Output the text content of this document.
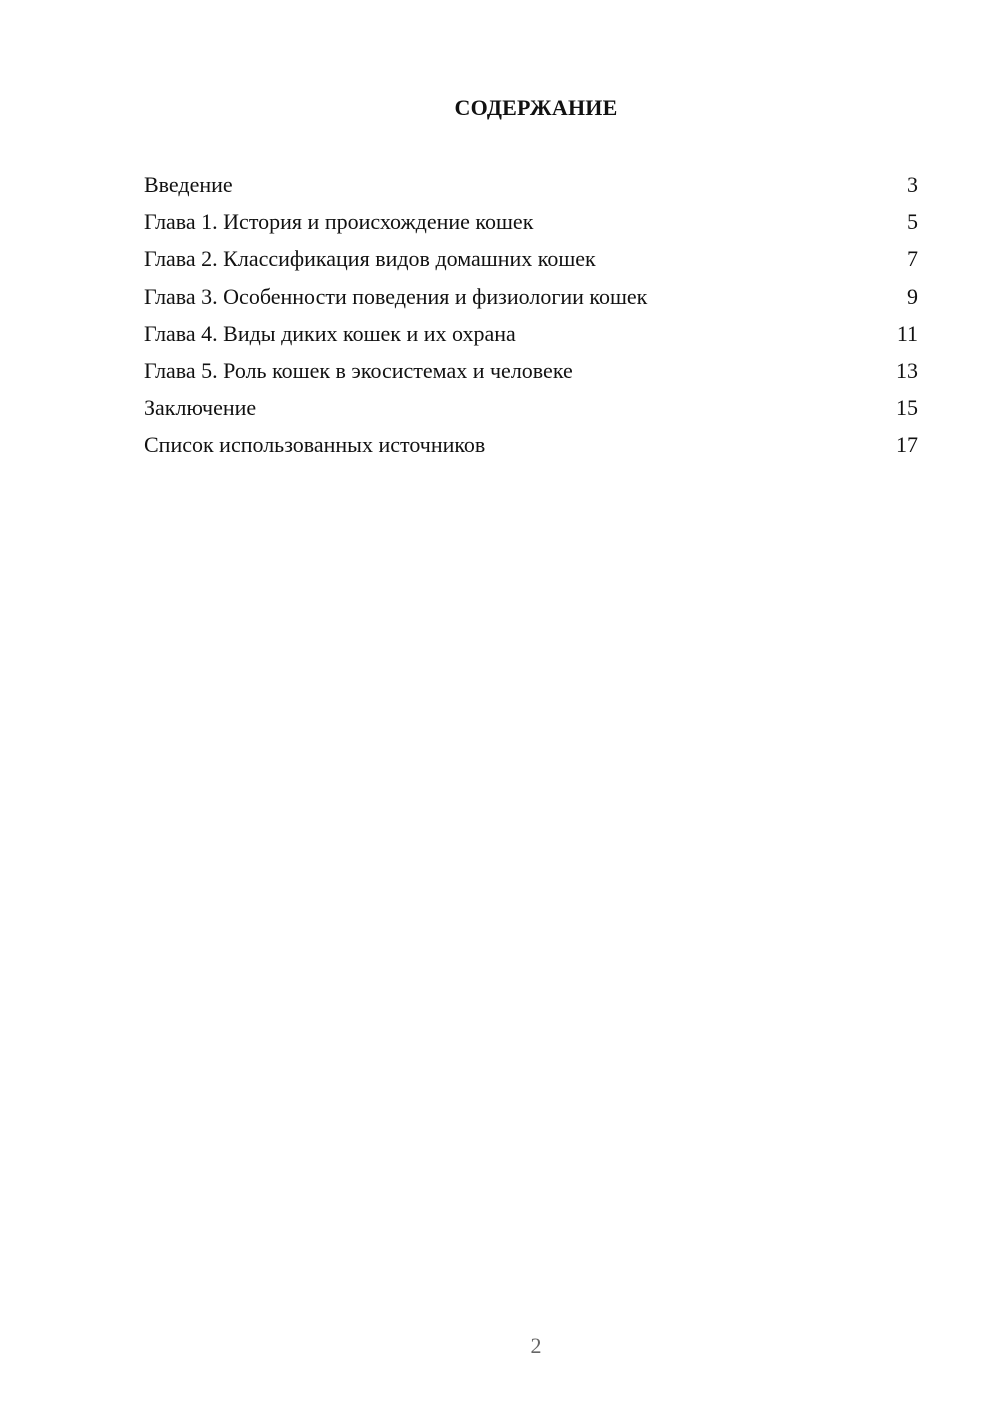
СОДЕРЖАНИЕ
Введение	3
Глава 1. История и происхождение кошек	5
Глава 2. Классификация видов домашних кошек	7
Глава 3. Особенности поведения и физиологии кошек	9
Глава 4. Виды диких кошек и их охрана	11
Глава 5. Роль кошек в экосистемах и человеке	13
Заключение	15
Список использованных источников	17
2
